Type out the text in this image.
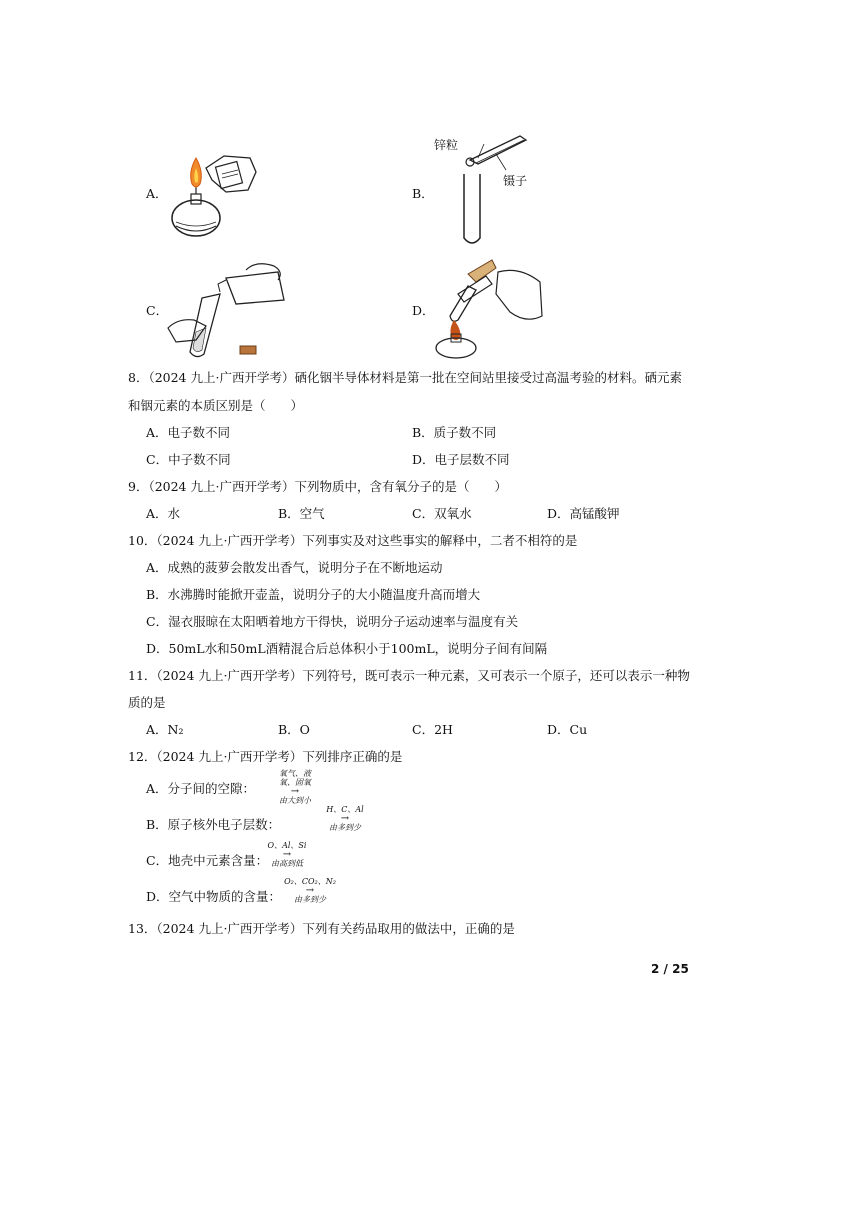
A．	B．
锌粒
镊子
C．	D．
8．（2024 九上·广西开学考）硒化铟半导体材料是第一批在空间站里接受过高温考验的材料。硒元素
和铟元素的本质区别是（　　）
A．电子数不同	B．质子数不同
C．中子数不同	D．电子层数不同
9．（2024 九上·广西开学考）下列物质中，含有氧分子的是（　　）
A．水	B．空气	C．双氧水	D．高锰酸钾
10．（2024 九上·广西开学考）下列事实及对这些事实的解释中，二者不相符的是
A．成熟的菠萝会散发出香气，说明分子在不断地运动
B．水沸腾时能掀开壶盖，说明分子的大小随温度升高而增大
C．湿衣服晾在太阳晒着地方干得快，说明分子运动速率与温度有关
D．50mL水和50mL酒精混合后总体积小于100mL，说明分子间有间隔
11．（2024 九上·广西开学考）下列符号，既可表示一种元素，又可表示一个原子，还可以表示一种物
质的是
A．N₂	B．O	C．2H	D．Cu
12．（2024 九上·广西开学考）下列排序正确的是
A．分子间的空隙：
氧气、液氧、固氧
→
由大到小
B．原子核外电子层数：
H、C、Al
→
由多到少
C．地壳中元素含量：
O、Al、Si
→
由高到低
D．空气中物质的含量：
O₂、CO₂、N₂
→
由多到少
13．（2024 九上·广西开学考）下列有关药品取用的做法中，正确的是
2 / 25
